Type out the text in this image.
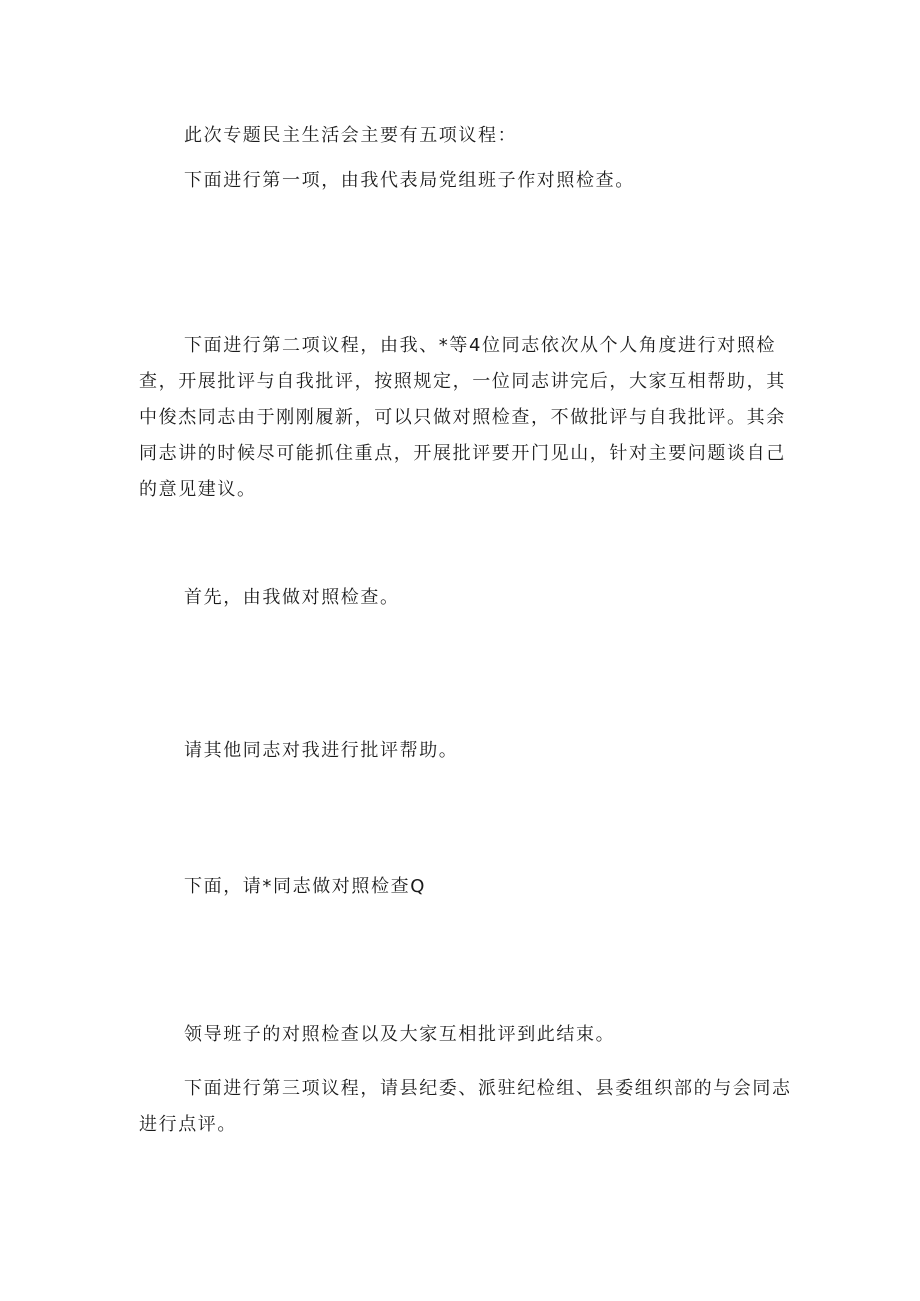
此次专题民主生活会主要有五项议程：

下面进行第一项，由我代表局党组班子作对照检查。

下面进行第二项议程，由我、*等4位同志依次从个人角度进行对照检查，开展批评与自我批评，按照规定，一位同志讲完后，大家互相帮助，其中俊杰同志由于刚刚履新，可以只做对照检查，不做批评与自我批评。其余同志讲的时候尽可能抓住重点，开展批评要开门见山，针对主要问题谈自己的意见建议。

首先，由我做对照检查。

请其他同志对我进行批评帮助。

下面，请*同志做对照检查Q

领导班子的对照检查以及大家互相批评到此结束。

下面进行第三项议程，请县纪委、派驻纪检组、县委组织部的与会同志进行点评。
